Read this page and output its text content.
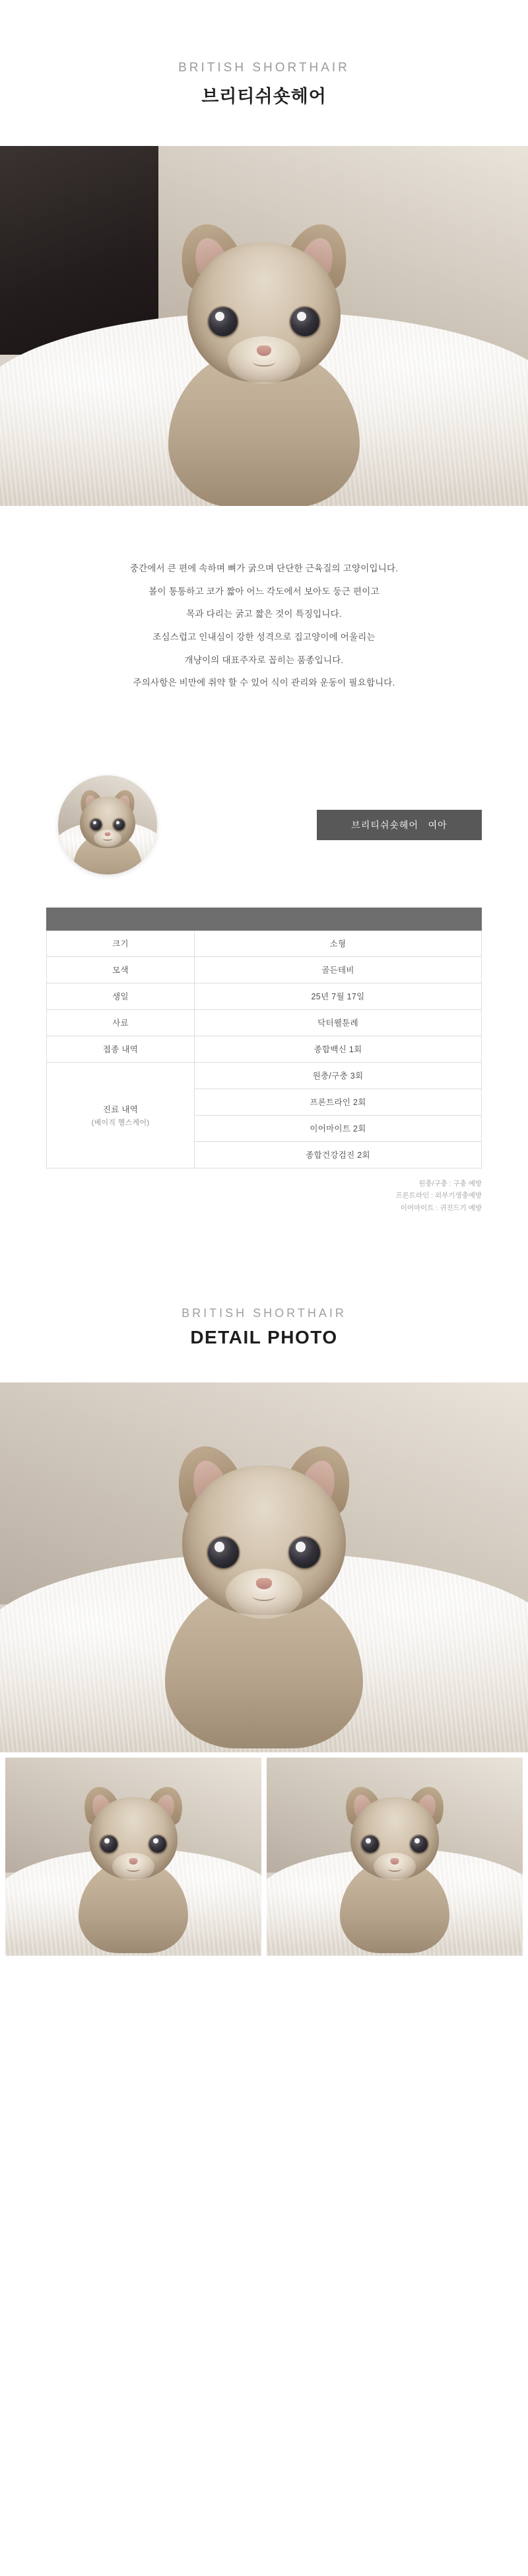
BRITISH SHORTHAIR

브리티쉬숏헤어

중간에서 큰 편에 속하며 뼈가 굵으며 단단한 근육질의 고양이입니다.

볼이 통통하고 코가 짧아 어느 각도에서 보아도 둥근 편이고

목과 다리는 굵고 짧은 것이 특징입니다.

조심스럽고 인내심이 강한 성격으로 집고양이에 어울리는

개냥이의 대표주자로 꼽히는 품종입니다.

주의사항은 비만에 취약 할 수 있어 식이 관리와 운동이 필요합니다.

브리티쉬숏헤어   여아

크기	소형
모색	골든테비
생일	25년 7월 17일
사료	닥터웰툰례
접종 내역	종합백신 1회
진료 내역
(베이직 헬스케어)	원충/구충 3회
	프론트라인 2회
	이어마이트 2회
	종합건강검진 2회
원충/구충 : 구충 예방
프론트라인 : 외부기생충예방
이어마이트 : 귀진드기 예방

BRITISH SHORTHAIR

DETAIL PHOTO
